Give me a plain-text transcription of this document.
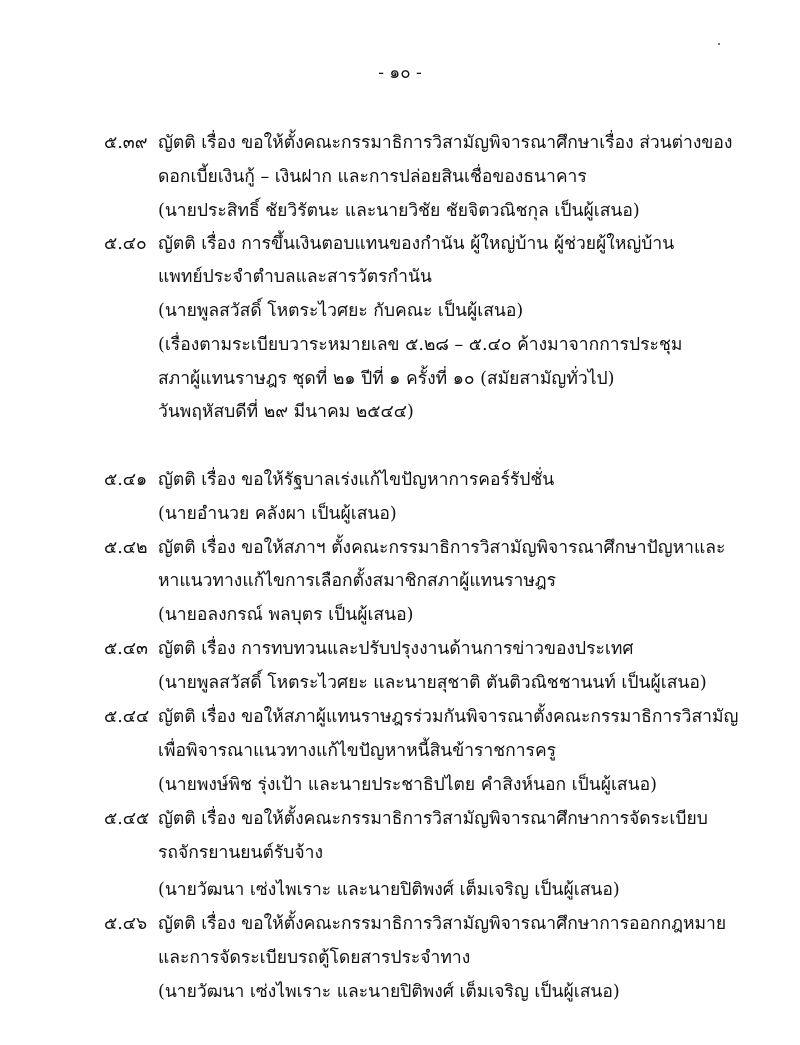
- ๑๐ -
๕.๓๙ ญัตติ เรื่อง ขอให้ตั้งคณะกรรมาธิการวิสามัญพิจารณาศึกษาเรื่อง ส่วนต่างของ
ดอกเบี้ยเงินกู้ – เงินฝาก และการปล่อยสินเชื่อของธนาคาร
(นายประสิทธิ์ ชัยวิรัตนะ และนายวิชัย ชัยจิตวณิชกุล เป็นผู้เสนอ)
๕.๔๐ ญัตติ เรื่อง การขึ้นเงินตอบแทนของกำนัน ผู้ใหญ่บ้าน ผู้ช่วยผู้ใหญ่บ้าน
แพทย์ประจำตำบลและสารวัตรกำนัน
(นายพูลสวัสดิ์ โหตระไวศยะ กับคณะ เป็นผู้เสนอ)
(เรื่องตามระเบียบวาระหมายเลข ๕.๒๘ – ๕.๔๐ ค้างมาจากการประชุม
สภาผู้แทนราษฎร ชุดที่ ๒๑ ปีที่ ๑ ครั้งที่ ๑๐ (สมัยสามัญทั่วไป)
วันพฤหัสบดีที่ ๒๙ มีนาคม ๒๕๔๔)
๕.๔๑ ญัตติ เรื่อง ขอให้รัฐบาลเร่งแก้ไขปัญหาการคอร์รัปชั่น
(นายอำนวย คลังผา เป็นผู้เสนอ)
๕.๔๒ ญัตติ เรื่อง ขอให้สภาฯ ตั้งคณะกรรมาธิการวิสามัญพิจารณาศึกษาปัญหาและ
หาแนวทางแก้ไขการเลือกตั้งสมาชิกสภาผู้แทนราษฎร
(นายอลงกรณ์ พลบุตร เป็นผู้เสนอ)
๕.๔๓ ญัตติ เรื่อง การทบทวนและปรับปรุงงานด้านการข่าวของประเทศ
(นายพูลสวัสดิ์ โหตระไวศยะ และนายสุชาติ ตันติวณิชชานนท์ เป็นผู้เสนอ)
๕.๔๔ ญัตติ เรื่อง ขอให้สภาผู้แทนราษฎรร่วมกันพิจารณาตั้งคณะกรรมาธิการวิสามัญ
เพื่อพิจารณาแนวทางแก้ไขปัญหาหนี้สินข้าราชการครู
(นายพงษ์พิช รุ่งเป้า และนายประชาธิปไตย คำสิงห์นอก เป็นผู้เสนอ)
๕.๔๕ ญัตติ เรื่อง ขอให้ตั้งคณะกรรมาธิการวิสามัญพิจารณาศึกษาการจัดระเบียบ
รถจักรยานยนต์รับจ้าง
(นายวัฒนา เซ่งไพเราะ และนายปิติพงศ์ เต็มเจริญ เป็นผู้เสนอ)
๕.๔๖ ญัตติ เรื่อง ขอให้ตั้งคณะกรรมาธิการวิสามัญพิจารณาศึกษาการออกกฎหมาย
และการจัดระเบียบรถตู้โดยสารประจำทาง
(นายวัฒนา เซ่งไพเราะ และนายปิติพงศ์ เต็มเจริญ เป็นผู้เสนอ)
